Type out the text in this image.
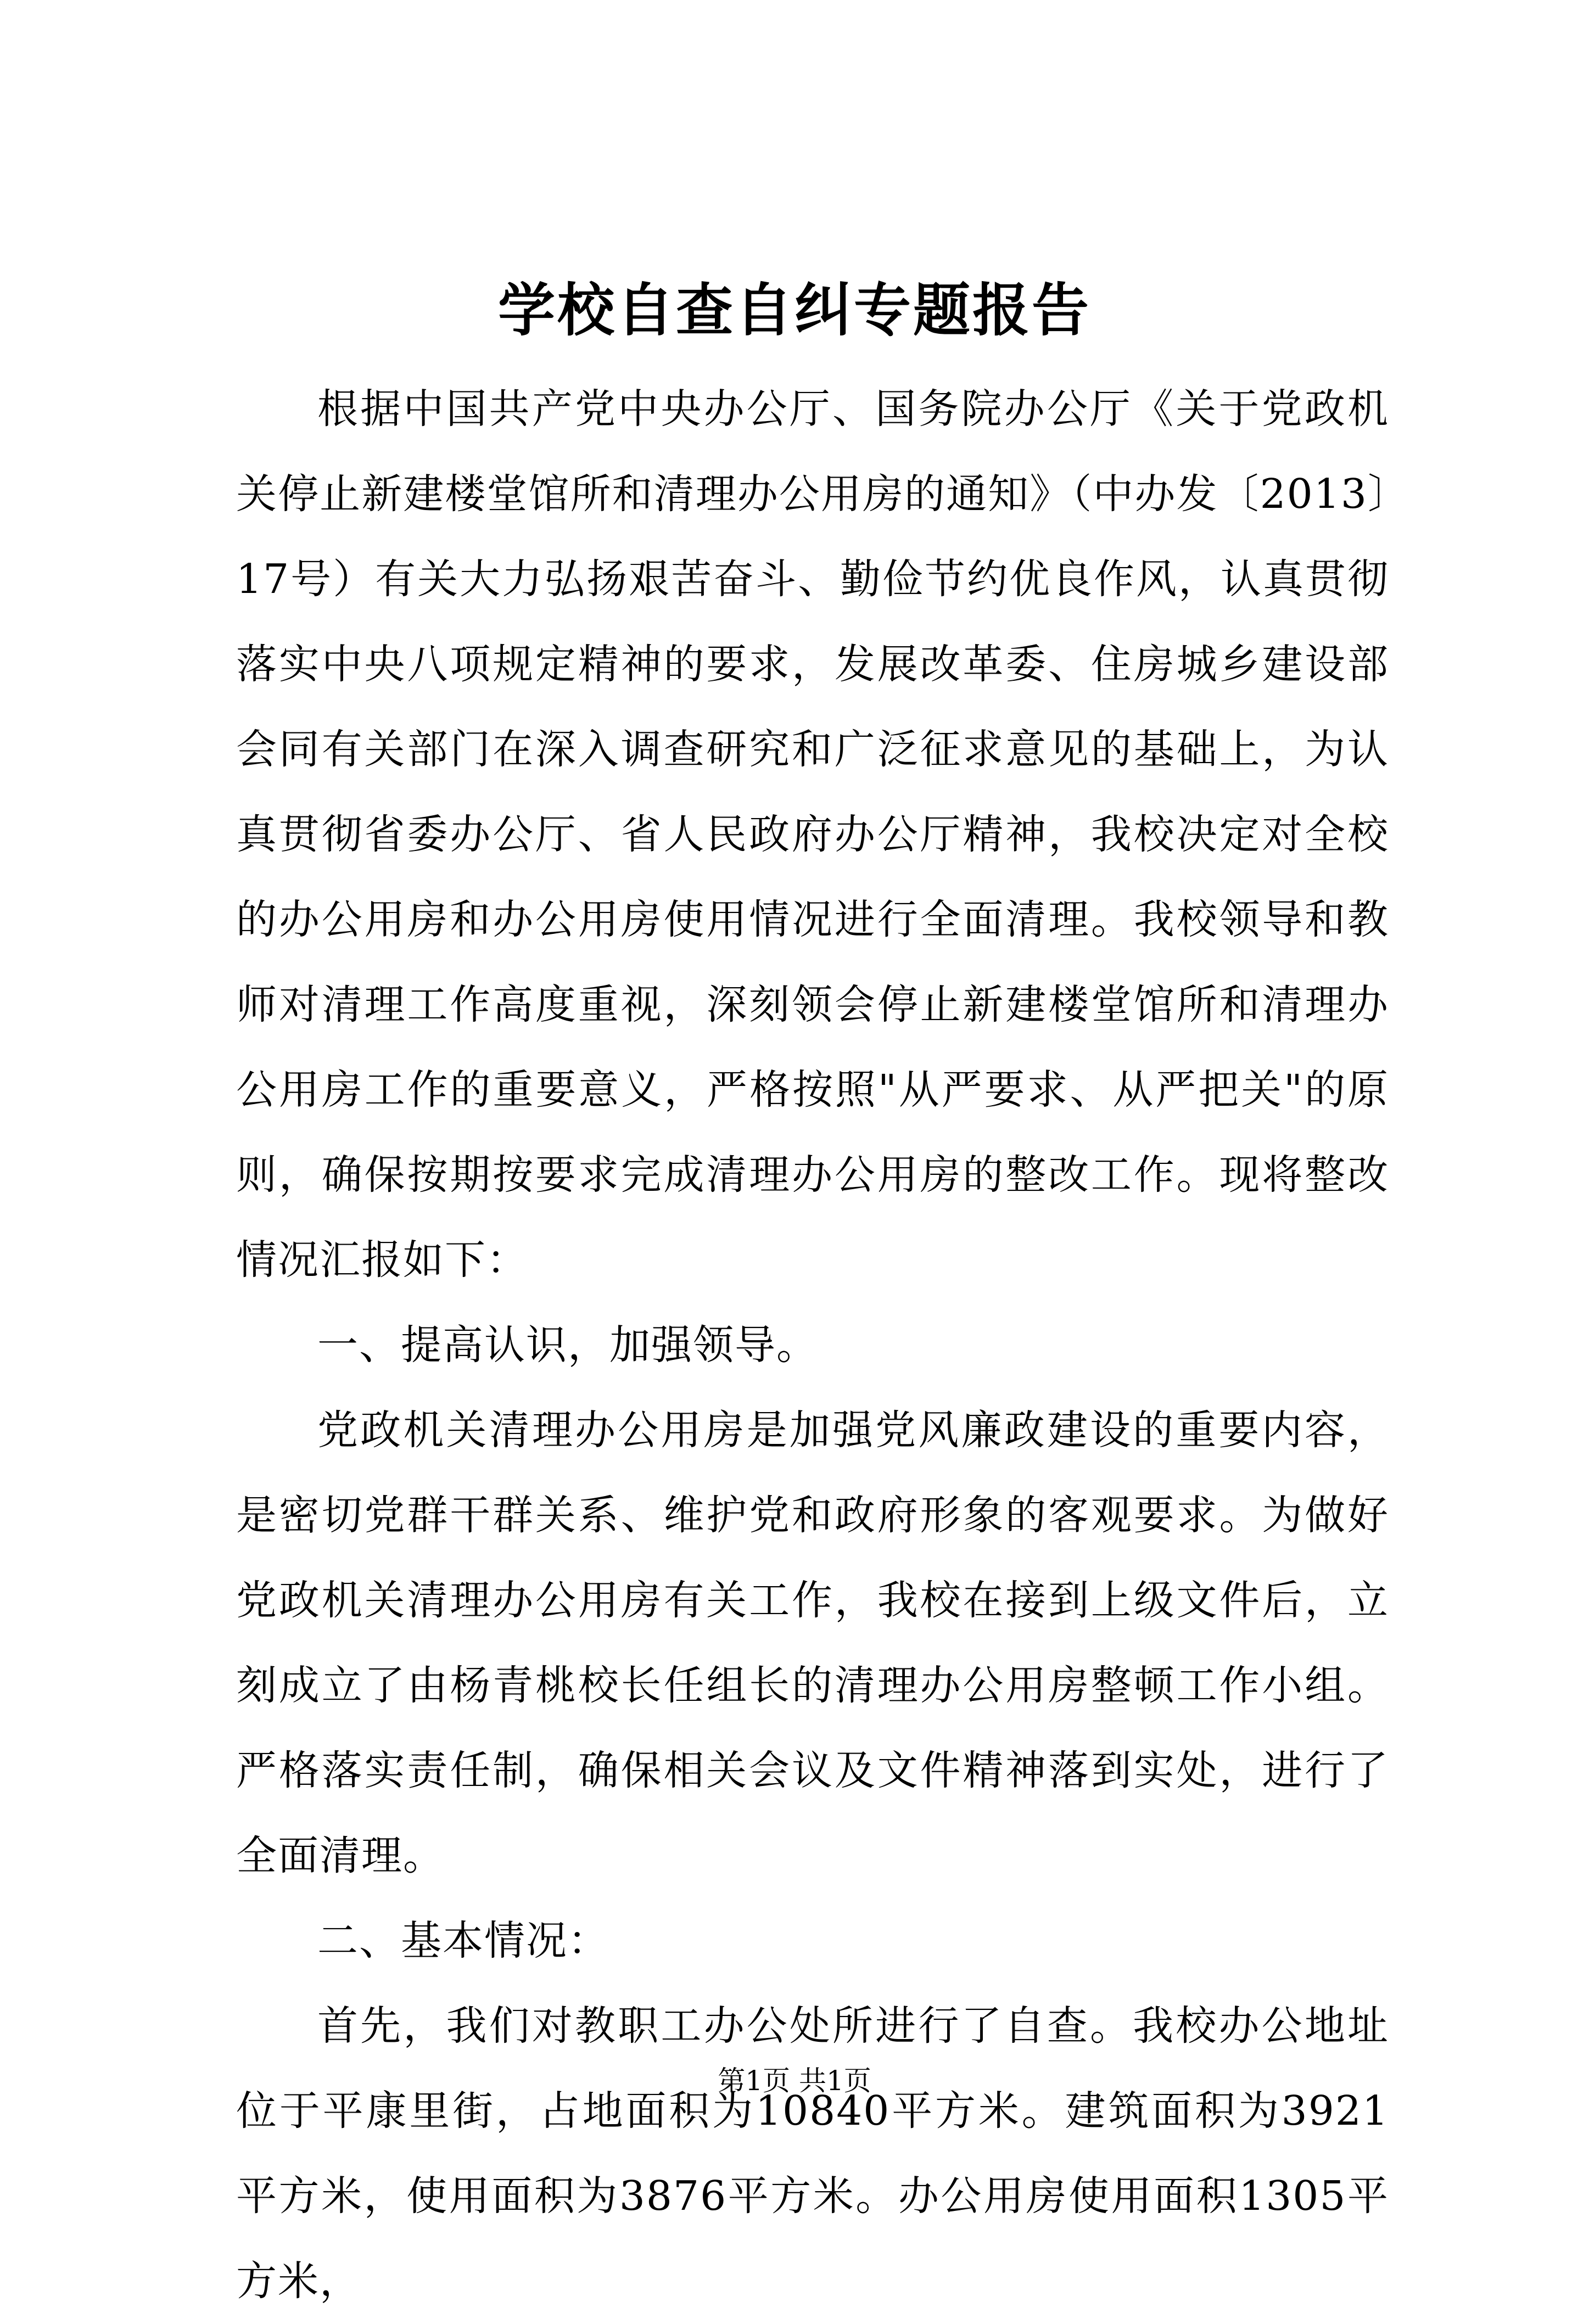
学校自查自纠专题报告

根据中国共产党中央办公厅、国务院办公厅《关于党政机关停止新建楼堂馆所和清理办公用房的通知》（中办发〔2013〕17号）有关大力弘扬艰苦奋斗、勤俭节约优良作风，认真贯彻落实中央八项规定精神的要求，发展改革委、住房城乡建设部会同有关部门在深入调查研究和广泛征求意见的基础上，为认真贯彻省委办公厅、省人民政府办公厅精神，我校决定对全校的办公用房和办公用房使用情况进行全面清理。我校领导和教师对清理工作高度重视，深刻领会停止新建楼堂馆所和清理办公用房工作的重要意义，严格按照"从严要求、从严把关"的原则，确保按期按要求完成清理办公用房的整改工作。现将整改情况汇报如下：

一、提高认识，加强领导。

党政机关清理办公用房是加强党风廉政建设的重要内容，是密切党群干群关系、维护党和政府形象的客观要求。为做好党政机关清理办公用房有关工作，我校在接到上级文件后，立刻成立了由杨青桃校长任组长的清理办公用房整顿工作小组。严格落实责任制，确保相关会议及文件精神落到实处，进行了全面清理。

二、基本情况：

首先，我们对教职工办公处所进行了自查。我校办公地址位于平康里街，占地面积为10840平方米。建筑面积为3921平方米，使用面积为3876平方米。办公用房使用面积1305平方米，

第1页 共1页
